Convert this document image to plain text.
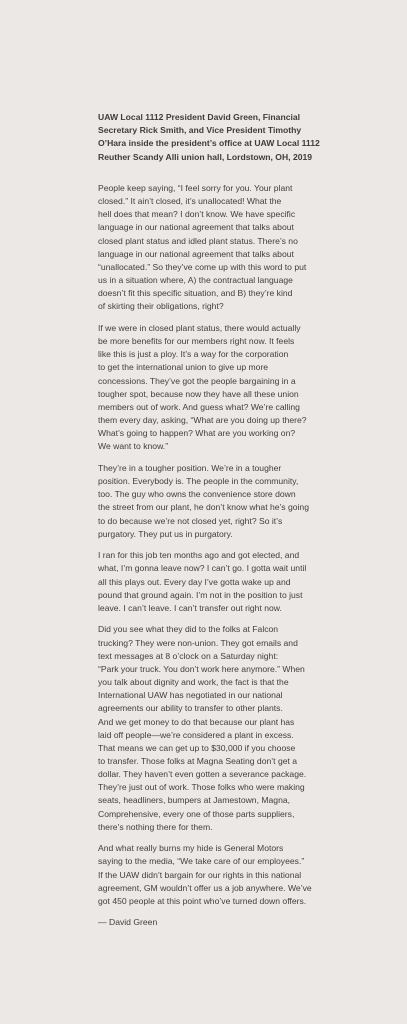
UAW Local 1112 President David Green, Financial
Secretary Rick Smith, and Vice President Timothy
O’Hara inside the president’s office at UAW Local 1112
Reuther Scandy Alli union hall, Lordstown, OH, 2019

People keep saying, “I feel sorry for you. Your plant
closed.” It ain’t closed, it’s unallocated! What the
hell does that mean? I don’t know. We have specific
language in our national agreement that talks about
closed plant status and idled plant status. There’s no
language in our national agreement that talks about
“unallocated.” So they’ve come up with this word to put
us in a situation where, A) the contractual language
doesn’t fit this specific situation, and B) they’re kind
of skirting their obligations, right?

If we were in closed plant status, there would actually
be more benefits for our members right now. It feels
like this is just a ploy. It’s a way for the corporation
to get the international union to give up more
concessions. They’ve got the people bargaining in a
tougher spot, because now they have all these union
members out of work. And guess what? We’re calling
them every day, asking, “What are you doing up there?
What’s going to happen? What are you working on?
We want to know.”

They’re in a tougher position. We’re in a tougher
position. Everybody is. The people in the community,
too. The guy who owns the convenience store down
the street from our plant, he don’t know what he’s going
to do because we’re not closed yet, right? So it’s
purgatory. They put us in purgatory.

I ran for this job ten months ago and got elected, and
what, I’m gonna leave now? I can’t go. I gotta wait until
all this plays out. Every day I’ve gotta wake up and
pound that ground again. I’m not in the position to just
leave. I can’t leave. I can’t transfer out right now.

Did you see what they did to the folks at Falcon
trucking? They were non-union. They got emails and
text messages at 8 o’clock on a Saturday night:
“Park your truck. You don’t work here anymore.” When
you talk about dignity and work, the fact is that the
International UAW has negotiated in our national
agreements our ability to transfer to other plants.
And we get money to do that because our plant has
laid off people—we’re considered a plant in excess.
That means we can get up to $30,000 if you choose
to transfer. Those folks at Magna Seating don’t get a
dollar. They haven’t even gotten a severance package.
They’re just out of work. Those folks who were making
seats, headliners, bumpers at Jamestown, Magna,
Comprehensive, every one of those parts suppliers,
there’s nothing there for them.

And what really burns my hide is General Motors
saying to the media, “We take care of our employees.”
If the UAW didn’t bargain for our rights in this national
agreement, GM wouldn’t offer us a job anywhere. We’ve
got 450 people at this point who’ve turned down offers.

— David Green
